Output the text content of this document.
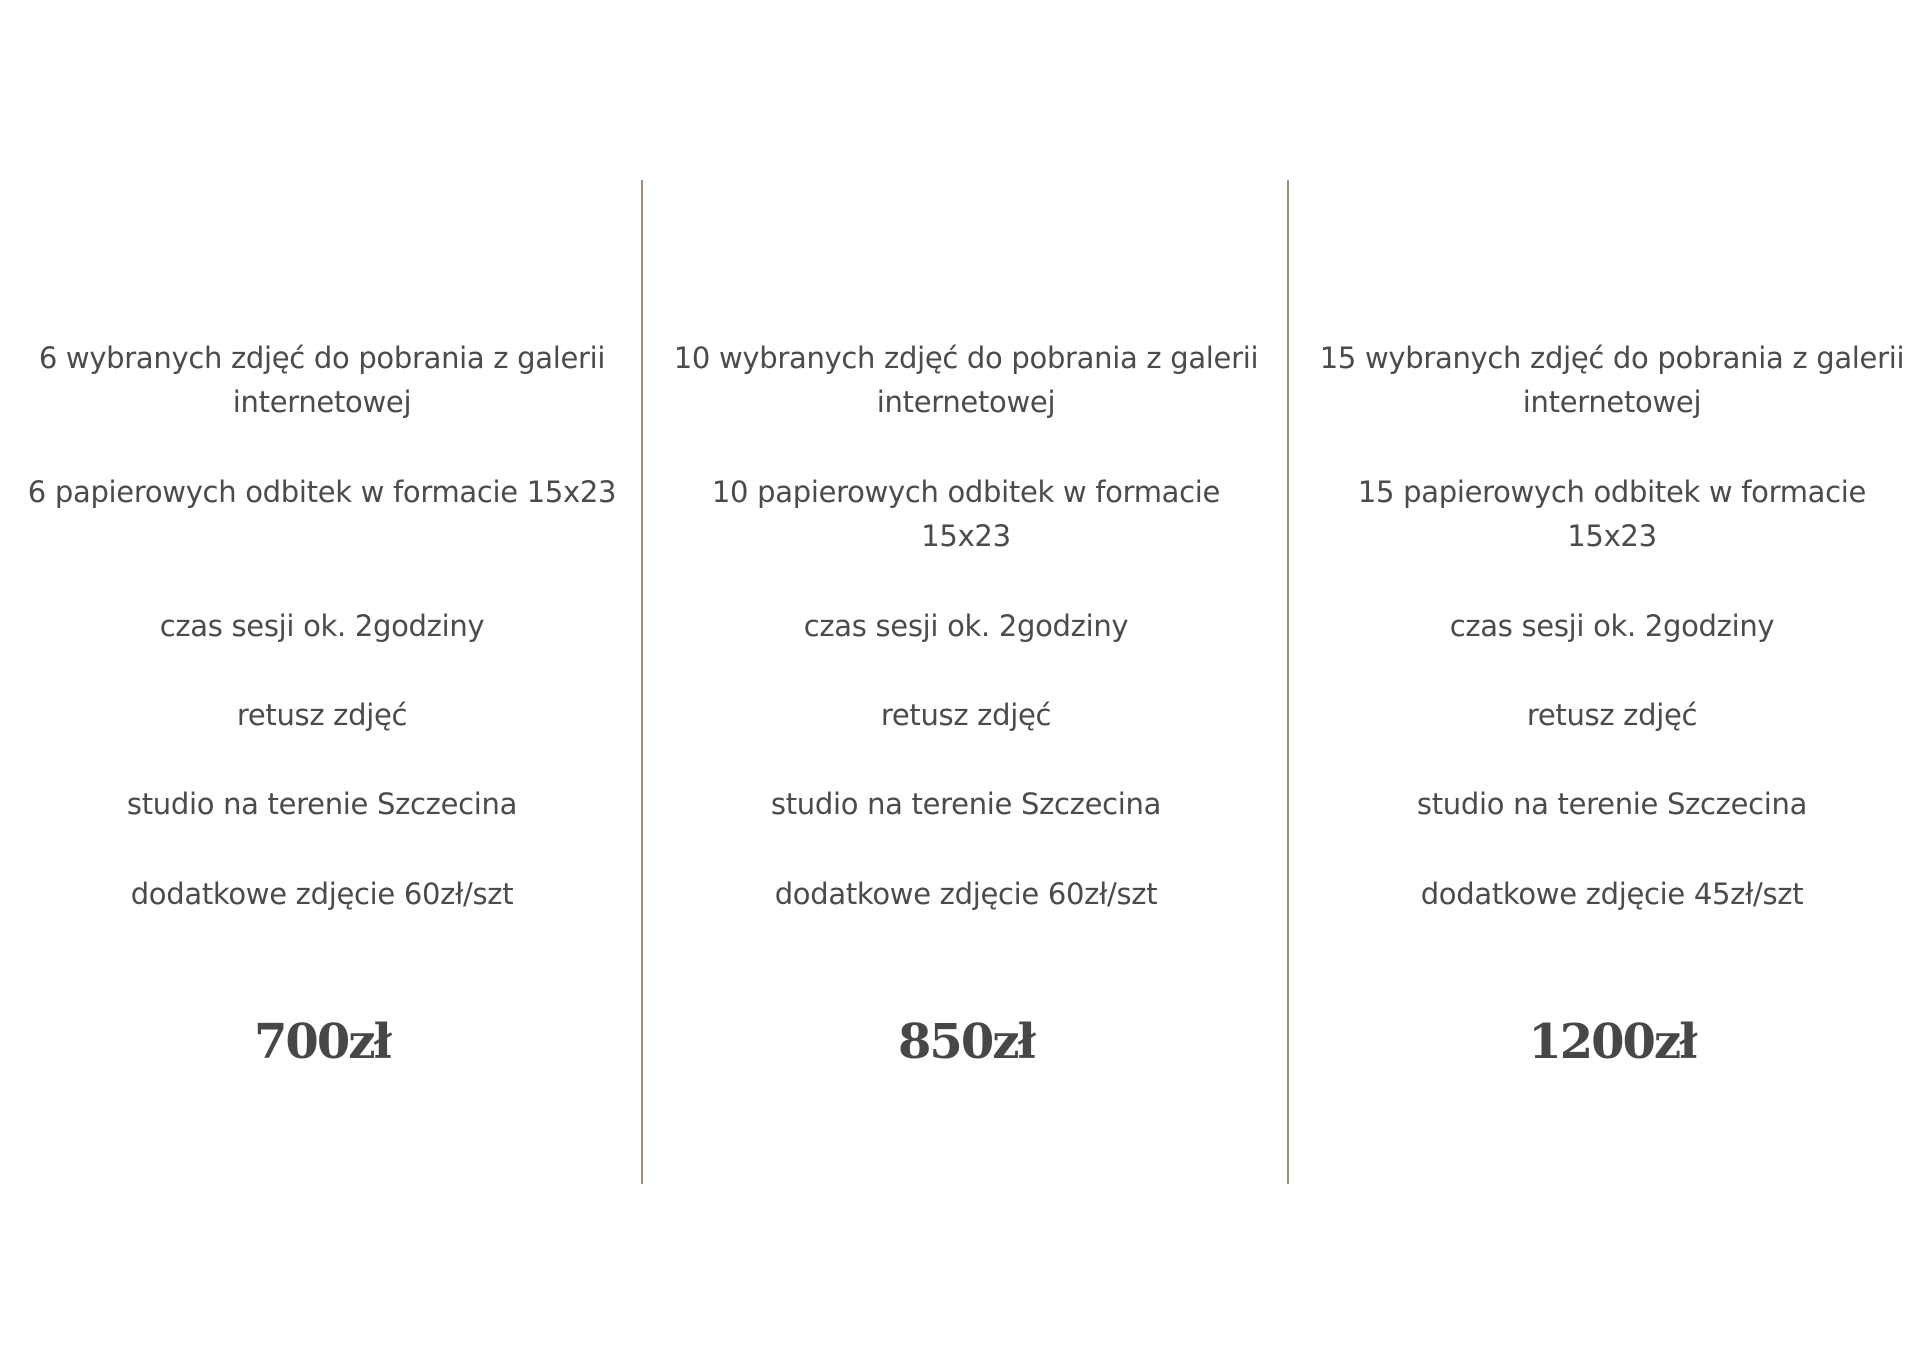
6 wybranych zdjęć do pobrania z galerii internetowej

6 papierowych odbitek w formacie 15x23

czas sesji ok. 2godziny

retusz zdjęć

studio na terenie Szczecina

dodatkowe zdjęcie 60zł/szt

700zł

10 wybranych zdjęć do pobrania z galerii internetowej

10 papierowych odbitek w formacie 15x23

czas sesji ok. 2godziny

retusz zdjęć

studio na terenie Szczecina

dodatkowe zdjęcie 60zł/szt

850zł

15 wybranych zdjęć do pobrania z galerii internetowej

15 papierowych odbitek w formacie 15x23

czas sesji ok. 2godziny

retusz zdjęć

studio na terenie Szczecina

dodatkowe zdjęcie 45zł/szt

1200zł
